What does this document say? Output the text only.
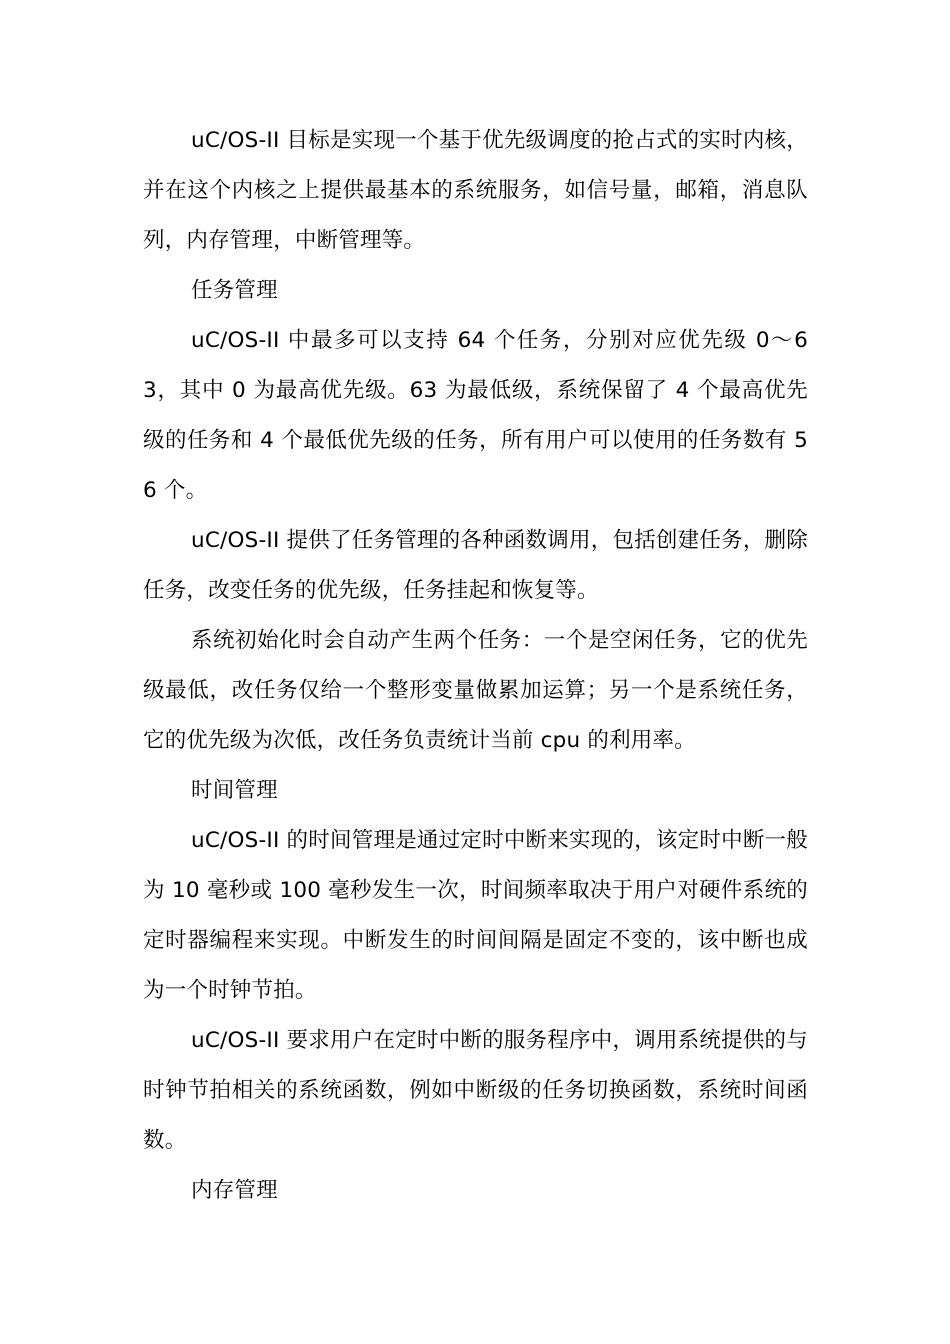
uC/OS-II 目标是实现一个基于优先级调度的抢占式的实时内核，并在这个内核之上提供最基本的系统服务，如信号量，邮箱，消息队列，内存管理，中断管理等。

任务管理

uC/OS-II 中最多可以支持 64 个任务，分别对应优先级 0～63，其中 0 为最高优先级。63 为最低级，系统保留了 4 个最高优先级的任务和 4 个最低优先级的任务，所有用户可以使用的任务数有 56 个。

uC/OS-II 提供了任务管理的各种函数调用，包括创建任务，删除任务，改变任务的优先级，任务挂起和恢复等。

系统初始化时会自动产生两个任务：一个是空闲任务，它的优先级最低，改任务仅给一个整形变量做累加运算；另一个是系统任务，它的优先级为次低，改任务负责统计当前 cpu 的利用率。

时间管理

uC/OS-II 的时间管理是通过定时中断来实现的，该定时中断一般为 10 毫秒或 100 毫秒发生一次，时间频率取决于用户对硬件系统的定时器编程来实现。中断发生的时间间隔是固定不变的，该中断也成为一个时钟节拍。

uC/OS-II 要求用户在定时中断的服务程序中，调用系统提供的与时钟节拍相关的系统函数，例如中断级的任务切换函数，系统时间函数。

内存管理
